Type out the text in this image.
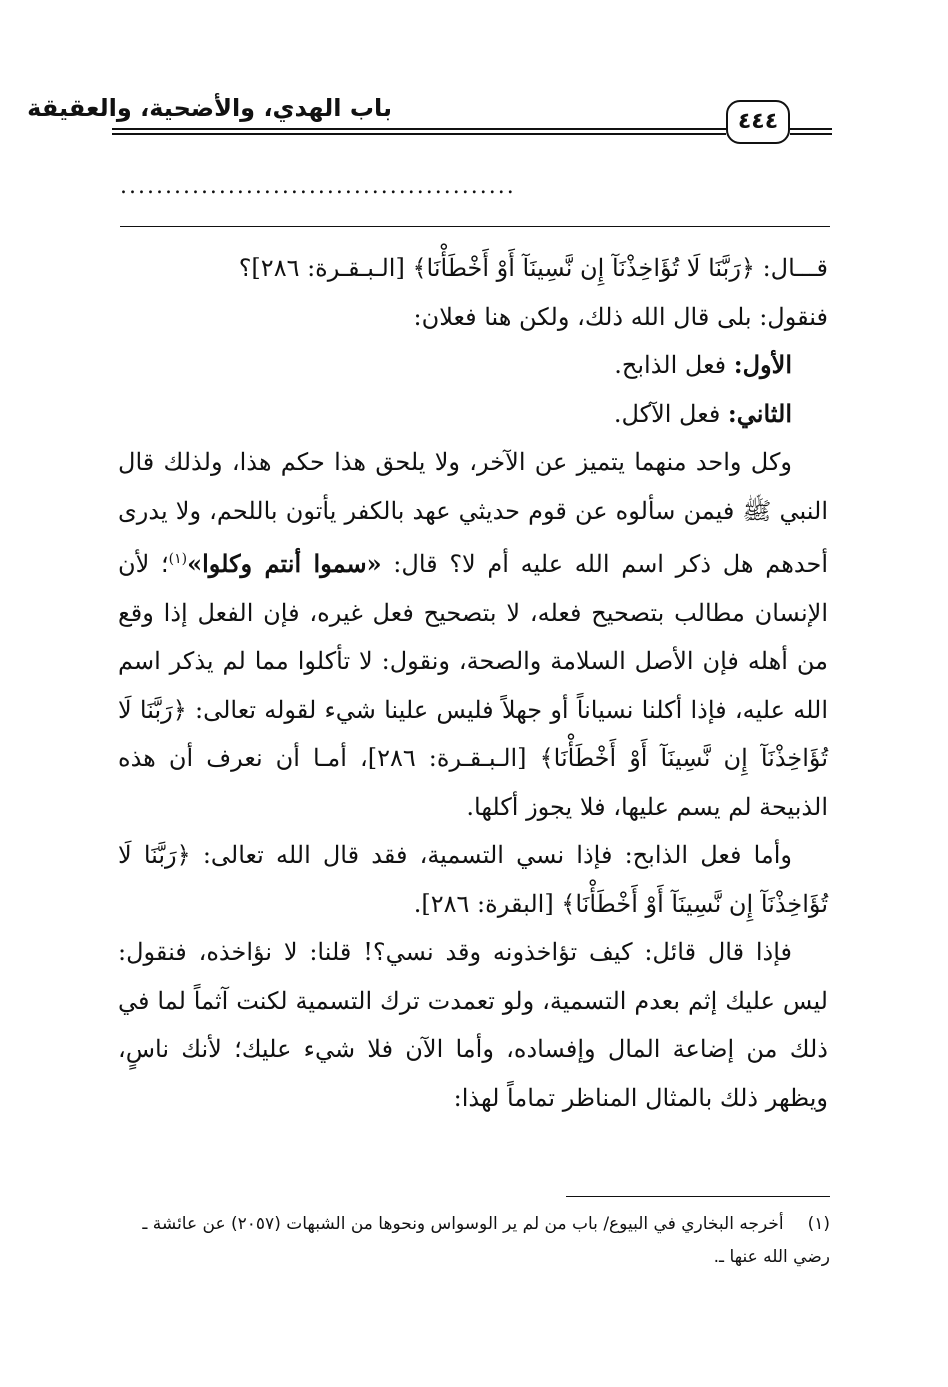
باب الهدي، والأضحية، والعقيقة	٤٤٤
............................................

قـــال: ﴿رَبَّنَا لَا تُؤَاخِذْنَآ إِن نَّسِينَآ أَوْ أَخْطَأْنَا﴾ [الـبـقـرة: ٢٨٦]؟

فنقول: بلى قال الله ذلك، ولكن هنا فعلان:

الأول: فعل الذابح.

الثاني: فعل الآكل.

وكل واحد منهما يتميز عن الآخر، ولا يلحق هذا حكم هذا، ولذلك قال النبي ﷺ فيمن سألوه عن قوم حديثي عهد بالكفر يأتون باللحم، ولا يدرى أحدهم هل ذكر اسم الله عليه أم لا؟ قال: «سموا أنتم وكلوا»$^{(١)}$؛ لأن الإنسان مطالب بتصحيح فعله، لا بتصحيح فعل غيره، فإن الفعل إذا وقع من أهله فإن الأصل السلامة والصحة، ونقول: لا تأكلوا مما لم يذكر اسم الله عليه، فإذا أكلنا نسياناً أو جهلاً فليس علينا شيء لقوله تعالى: ﴿رَبَّنَا لَا تُؤَاخِذْنَآ إِن نَّسِينَآ أَوْ أَخْطَأْنَا﴾ [الـبـقـرة: ٢٨٦]، أمـا أن نعرف أن هذه الذبيحة لم يسم عليها، فلا يجوز أكلها.

وأما فعل الذابح: فإذا نسي التسمية، فقد قال الله تعالى: ﴿رَبَّنَا لَا تُؤَاخِذْنَآ إِن نَّسِينَآ أَوْ أَخْطَأْنَا﴾ [البقرة: ٢٨٦].

فإذا قال قائل: كيف تؤاخذونه وقد نسي؟! قلنا: لا نؤاخذه، فنقول: ليس عليك إثم بعدم التسمية، ولو تعمدت ترك التسمية لكنت آثماً لما في ذلك من إضاعة المال وإفساده، وأما الآن فلا شيء عليك؛ لأنك ناسٍ، ويظهر ذلك بالمثال المناظر تماماً لهذا:

(١)أخرجه البخاري في البيوع/ باب من لم ير الوسواس ونحوها من الشبهات (٢٠٥٧) عن عائشة ـ رضي الله عنها ـ.
